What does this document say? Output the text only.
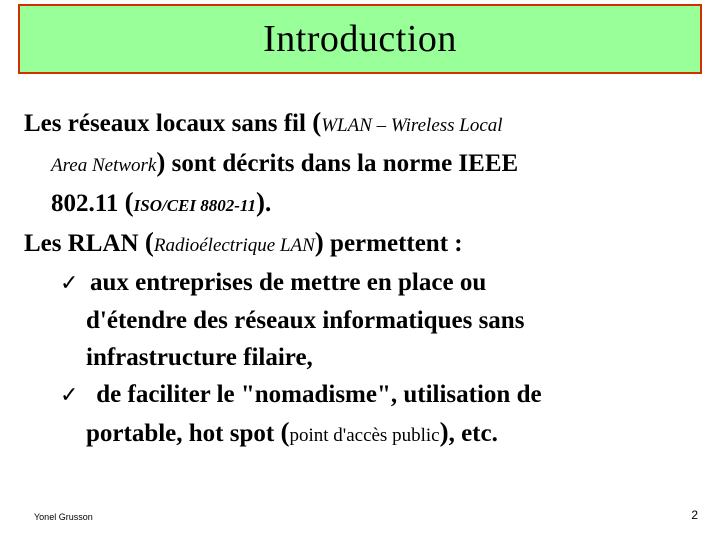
Introduction
Les réseaux locaux sans fil (WLAN – Wireless Local
Area Network) sont décrits dans la norme IEEE
802.11 (ISO/CEI 8802-11).
Les RLAN (Radioélectrique LAN) permettent :
✓ aux entreprises de mettre en place ou
d'étendre des réseaux informatiques sans
infrastructure filaire,
✓ de faciliter le "nomadisme", utilisation de
portable, hot spot (point d'accès public), etc.
Yonel Grusson	2
